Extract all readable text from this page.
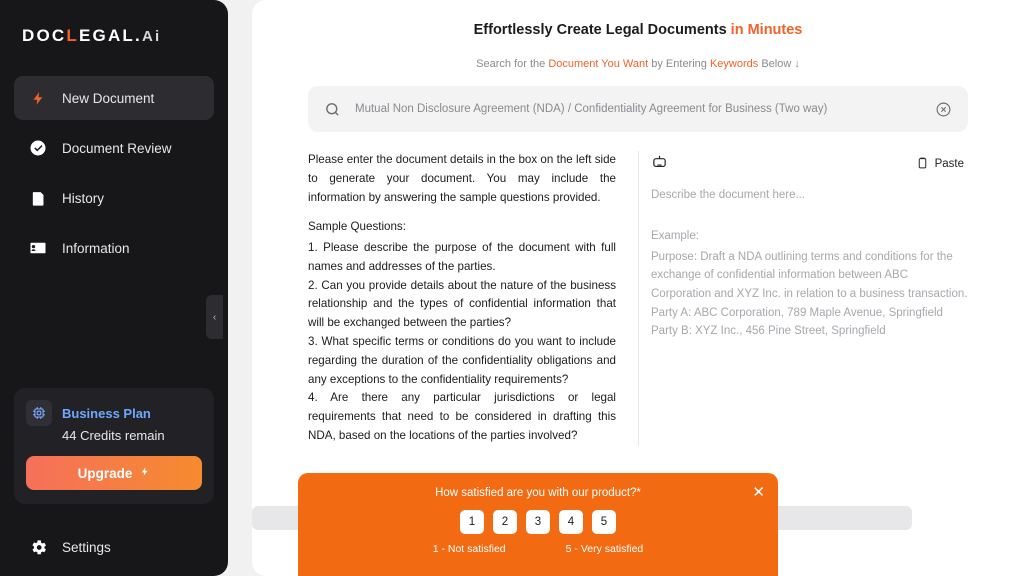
DOCLEGAL.Ai
New Document
Document Review
History
Information
Business Plan
44 Credits remain
Upgrade
Settings
‹
Effortlessly Create Legal Documents in Minutes
Search for the Document You Want by Entering Keywords Below ↓
Mutual Non Disclosure Agreement (NDA) / Confidentiality Agreement for Business (Two way)

Please enter the document details in the box on the left side to generate your document. You may include the information by answering the sample questions provided.

Sample Questions:

1. Please describe the purpose of the document with full names and addresses of the parties.
2. Can you provide details about the nature of the business relationship and the types of confidential information that will be exchanged between the parties?
3. What specific terms or conditions do you want to include regarding the duration of the confidentiality obligations and any exceptions to the confidentiality requirements?
4. Are there any particular jurisdictions or legal requirements that need to be considered in drafting this NDA, based on the locations of the parties involved?
Paste
Describe the document here...
Example:
Purpose: Draft a NDA outlining terms and conditions for the exchange of confidential information between ABC Corporation and XYZ Inc. in relation to a business transaction.
Party A: ABC Corporation, 789 Maple Avenue, Springfield
Party B: XYZ Inc., 456 Pine Street, Springfield
✕
How satisfied are you with our product?*
1	2	3	4	5
1 - Not satisfied	5 - Very satisfied
